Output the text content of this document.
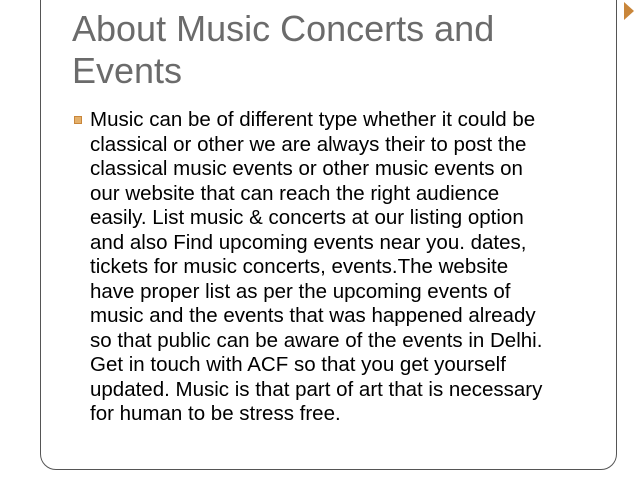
About Music Concerts and
Events

Music can be of different type whether it could be
classical or other we are always their to post the
classical music events or other music events on
our website that can reach the right audience
easily. List music & concerts at our listing option
and also Find upcoming events near you. dates,
tickets for music concerts, events.The website
have proper list as per the upcoming events of
music and the events that was happened already
so that public can be aware of the events in Delhi.
Get in touch with ACF so that you get yourself
updated. Music is that part of art that is necessary
for human to be stress free.
